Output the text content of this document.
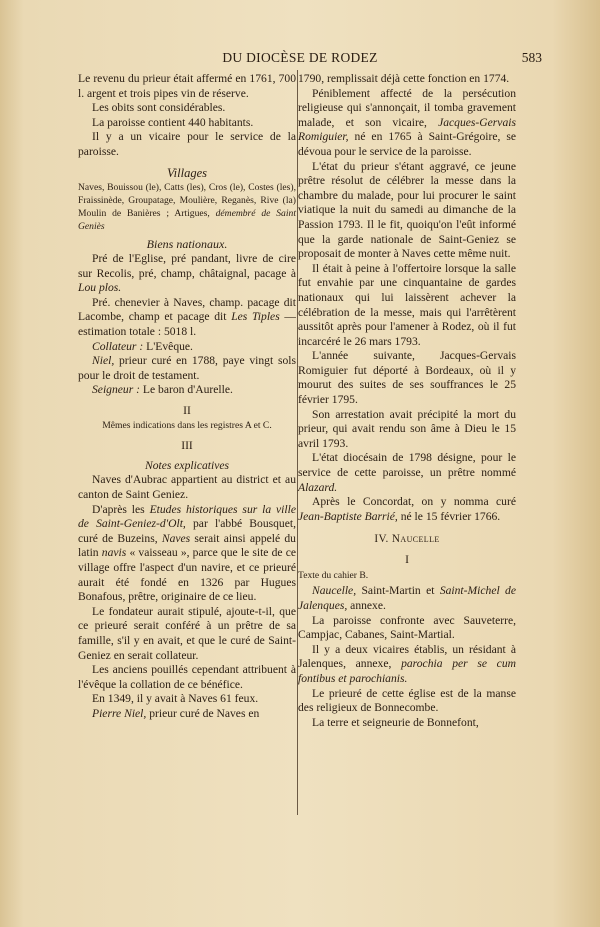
DU DIOCÈSE DE RODEZ	583

Le revenu du prieur était affermé en 1761, 700 l. argent et trois pipes vin de réserve.

Les obits sont considérables.

La paroisse contient 440 habitants.

Il y a un vicaire pour le service de la paroisse.

Villages

Naves, Bouissou (le), Catts (les), Cros (le), Costes (les), Fraissinède, Groupatage, Moulière, Reganès, Rive (la) Moulin de Banières ; Artigues, démembré de Saint Geniès

Biens nationaux.

Pré de l'Eglise, pré pandant, livre de cire sur Recolis, pré, champ, châtaignal, pacage à Lou plos.

Pré. chenevier à Naves, champ. pacage dit Lacombe, champ et pacage dit Les Tiples — estimation totale : 5018 l.

Collateur : L'Evêque.

Niel, prieur curé en 1788, paye vingt sols pour le droit de testament.

Seigneur : Le baron d'Aurelle.

II

Mêmes indications dans les registres A et C.

III

Notes explicatives

Naves d'Aubrac appartient au district et au canton de Saint Geniez.

D'après les Etudes historiques sur la ville de Saint-Geniez-d'Olt, par l'abbé Bousquet, curé de Buzeins, Naves serait ainsi appelé du latin navis « vaisseau », parce que le site de ce village offre l'aspect d'un navire, et ce prieuré aurait été fondé en 1326 par Hugues Bonafous, prêtre, originaire de ce lieu.

Le fondateur aurait stipulé, ajoute-t-il, que ce prieuré serait conféré à un prêtre de sa famille, s'il y en avait, et que le curé de Saint-Geniez en serait collateur.

Les anciens pouillés cependant attribuent à l'évêque la collation de ce bénéfice.

En 1349, il y avait à Naves 61 feux.

Pierre Niel, prieur curé de Naves en

1790, remplissait déjà cette fonction en 1774.

Péniblement affecté de la persécution religieuse qui s'annonçait, il tomba gravement malade, et son vicaire, Jacques-Gervais Romiguier, né en 1765 à Saint-Grégoire, se dévoua pour le service de la paroisse.

L'état du prieur s'étant aggravé, ce jeune prêtre résolut de célébrer la messe dans la chambre du malade, pour lui procurer le saint viatique la nuit du samedi au dimanche de la Passion 1793. Il le fit, quoiqu'on l'eût informé que la garde nationale de Saint-Geniez se proposait de monter à Naves cette même nuit.

Il était à peine à l'offertoire lorsque la salle fut envahie par une cinquantaine de gardes nationaux qui lui laissèrent achever la célébration de la messe, mais qui l'arrêtèrent aussitôt après pour l'amener à Rodez, où il fut incarcéré le 26 mars 1793.

L'année suivante, Jacques-Gervais Romiguier fut déporté à Bordeaux, où il y mourut des suites de ses souffrances le 25 février 1795.

Son arrestation avait précipité la mort du prieur, qui avait rendu son âme à Dieu le 15 avril 1793.

L'état diocésain de 1798 désigne, pour le service de cette paroisse, un prêtre nommé Alazard.

Après le Concordat, on y nomma curé Jean-Baptiste Barrié, né le 15 février 1766.

IV. Naucelle

I

Texte du cahier B.

Naucelle, Saint-Martin et Saint-Michel de Jalenques, annexe.

La paroisse confronte avec Sauveterre, Campjac, Cabanes, Saint-Martial.

Il y a deux vicaires établis, un résidant à Jalenques, annexe, parochia per se cum fontibus et parochianis.

Le prieuré de cette église est de la manse des religieux de Bonnecombe.

La terre et seigneurie de Bonnefont,
